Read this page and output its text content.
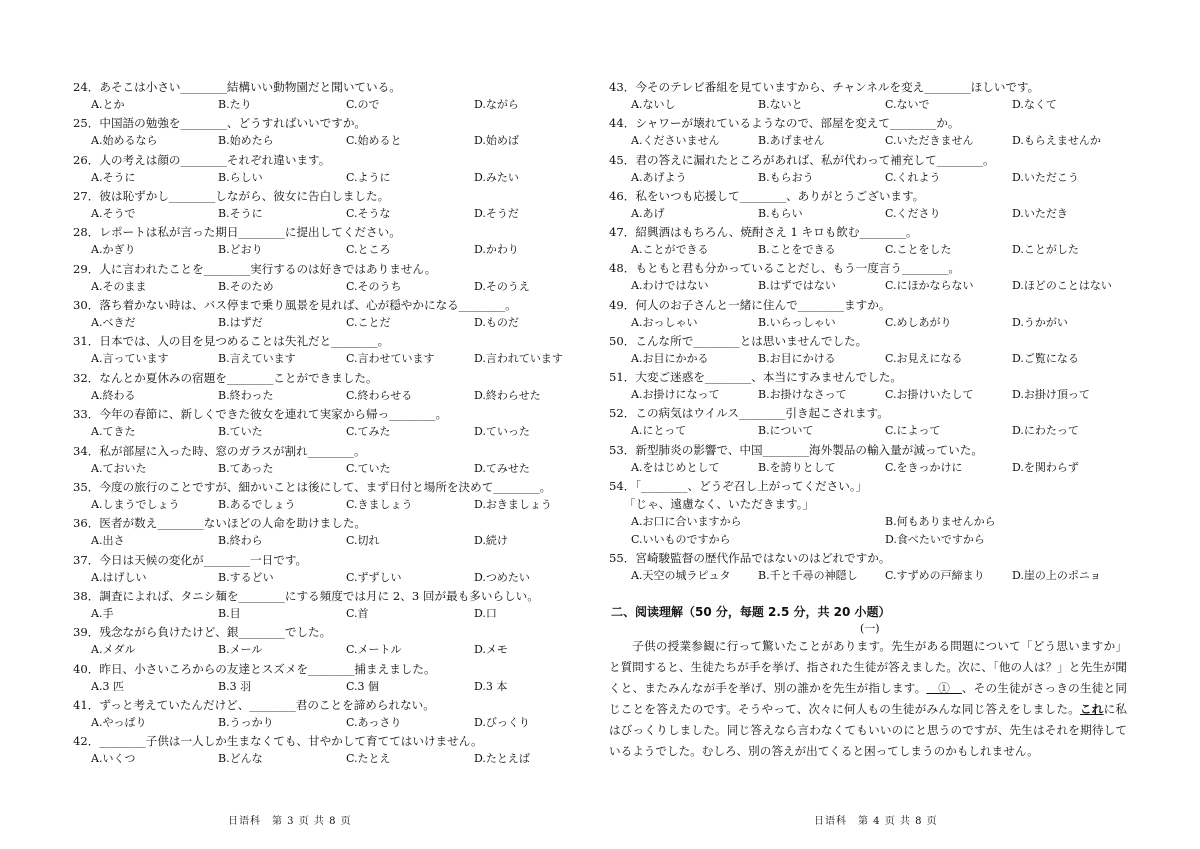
24．あそこは小さい________結構いい動物園だと聞いている。
A.とか	B.たり	C.ので	D.ながら
25．中国語の勉強を________、どうすればいいですか。
A.始めるなら	B.始めたら	C.始めると	D.始めば
26．人の考えは顔の________それぞれ違います。
A.そうに	B.らしい	C.ように	D.みたい
27．彼は恥ずかし________しながら、彼女に告白しました。
A.そうで	B.そうに	C.そうな	D.そうだ
28．レポートは私が言った期日________に提出してください。
A.かぎり	B.どおり	C.ところ	D.かわり
29．人に言われたことを________実行するのは好きではありません。
A.そのまま	B.そのため	C.そのうち	D.そのうえ
30．落ち着かない時は、バス停まで乗り風景を見れば、心が穏やかになる________。
A.べきだ	B.はずだ	C.ことだ	D.ものだ
31．日本では、人の目を見つめることは失礼だと________。
A.言っています	B.言えています	C.言わせています	D.言われています
32．なんとか夏休みの宿題を________ことができました。
A.終わる	B.終わった	C.終わらせる	D.終わらせた
33．今年の春節に、新しくできた彼女を連れて実家から帰っ________。
A.てきた	B.ていた	C.てみた	D.ていった
34．私が部屋に入った時、窓のガラスが割れ________。
A.ておいた	B.てあった	C.ていた	D.てみせた
35．今度の旅行のことですが、細かいことは後にして、まず日付と場所を決めて________。
A.しまうでしょう	B.あるでしょう	C.きましょう	D.おきましょう
36．医者が数え________ないほどの人命を助けました。
A.出さ	B.終わら	C.切れ	D.続け
37．今日は天候の変化が________一日です。
A.はげしい	B.するどい	C.ずずしい	D.つめたい
38．調査によれば、タニシ麺を________にする頻度では月に 2、3 回が最も多いらしい。
A.手	B.目	C.首	D.口
39．残念ながら負けたけど、銀________でした。
A.メダル	B.メール	C.メートル	D.メモ
40．昨日、小さいころからの友達とスズメを________捕まえました。
A.3 匹	B.3 羽	C.3 個	D.3 本
41．ずっと考えていたんだけど、________君のことを諦められない。
A.やっぱり	B.うっかり	C.あっさり	D.びっくり
42．________子供は一人しか生まなくても、甘やかして育ててはいけません。
A.いくつ	B.どんな	C.たとえ	D.たとえば
日语科　第 3 页 共 8 页
43．今そのテレビ番組を見ていますから、チャンネルを変え________ほしいです。
A.ないし	B.ないと	C.ないで	D.なくて
44．シャワーが壊れているようなので、部屋を変えて________か。
A.くださいません	B.あげません	C.いただきません	D.もらえませんか
45．君の答えに漏れたところがあれば、私が代わって補充して________。
A.あげよう	B.もらおう	C.くれよう	D.いただこう
46．私をいつも応援して________、ありがとうございます。
A.あげ	B.もらい	C.くださり	D.いただき
47．紹興酒はもちろん、焼酎さえ 1 キロも飲む________。
A.ことができる	B.ことをできる	C.ことをした	D.ことがした
48．もともと君も分かっていることだし、もう一度言う________。
A.わけではない	B.はずではない	C.にほかならない	D.ほどのことはない
49．何人のお子さんと一緒に住んで________ますか。
A.おっしゃい	B.いらっしゃい	C.めしあがり	D.うかがい
50．こんな所で________とは思いませんでした。
A.お目にかかる	B.お目にかける	C.お見えになる	D.ご覧になる
51．大変ご迷惑を________、本当にすみませんでした。
A.お掛けになって	B.お掛けなさって	C.お掛けいたして	D.お掛け頂って
52．この病気はウイルス________引き起こされます。
A.にとって	B.について	C.によって	D.にわたって
53．新型肺炎の影響で、中国________海外製品の輸入量が減っていた。
A.をはじめとして	B.を誇りとして	C.をきっかけに	D.を関わらず
54．「________、どうぞ召し上がってください。」
「じゃ、遠慮なく、いただきます。」
A.お口に合いますから	B.何もありませんから
C.いいものですから	D.食べたいですから
55．宮崎駿監督の歴代作品ではないのはどれですか。
A.天空の城ラピュタ	B.千と千尋の神隠し C.すずめの戸締まり D.崖の上のポニョ
二、阅读理解（50 分，每题 2.5 分，共 20 小题）
(一)
子供の授業参観に行って驚いたことがあります。先生がある問題について「どう思いますか」と質問すると、生徒たちが手を挙げ、指された生徒が答えました。次に、「他の人は？」と先生が聞くと、またみんなが手を挙げ、別の誰かを先生が指します。＿①＿、その生徒がさっきの生徒と同じことを答えたのです。そうやって、次々に何人もの生徒がみんな同じ答えをしました。これに私はびっくりしました。同じ答えなら言わなくてもいいのにと思うのですが、先生はそれを期待しているようでした。むしろ、別の答えが出てくると困ってしまうのかもしれません。
日语科　第 4 页 共 8 页
